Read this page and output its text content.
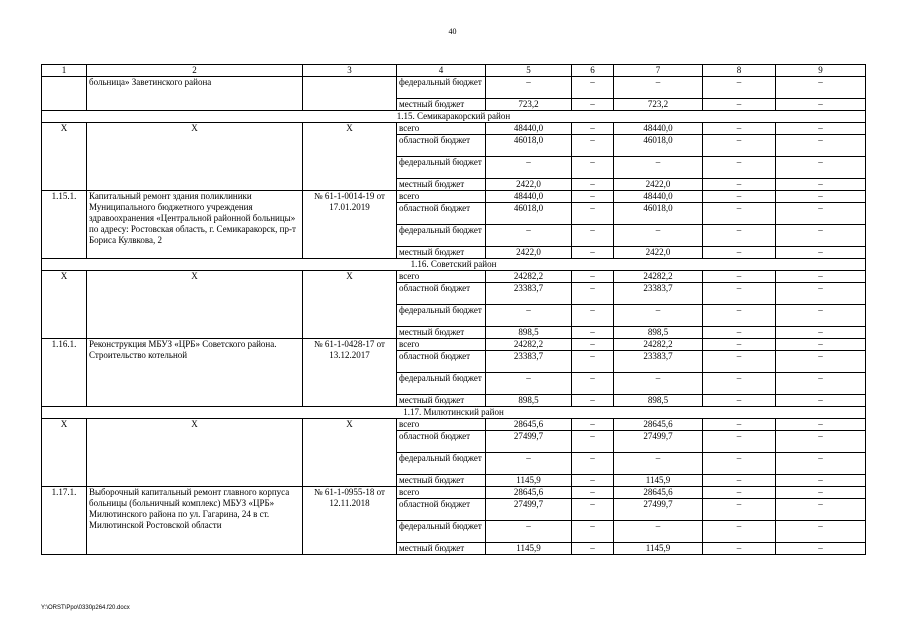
40
1	2	3	4	5	6	7	8	9
	больница» Заветинского района		федеральный бюджет	–	–	–	–	–
			местный бюджет	723,2	–	723,2	–	–
1.15. Семикаракорский район								
Х	Х	Х	всего	48440,0	–	48440,0	–	–
			областной бюджет	46018,0	–	46018,0	–	–
			федеральный бюджет	–	–	–	–	–
			местный бюджет	2422,0	–	2422,0	–	–
1.15.1.	Капитальный ремонт здания поликлиники Муниципального бюджетного учреждения здравоохранения «Центральной районной больницы» по адресу: Ростовская область, г. Семикаракорск, пр-т Бориса Кулвкова, 2	№ 61-1-0014-19 от 17.01.2019	всего	48440,0	–	48440,0	–	–
			областной бюджет	46018,0	–	46018,0	–	–
			федеральный бюджет	–	–	–	–	–
			местный бюджет	2422,0	–	2422,0	–	–
1.16. Советский район								
Х	Х	Х	всего	24282,2	–	24282,2	–	–
			областной бюджет	23383,7	–	23383,7	–	–
			федеральный бюджет	–	–	–	–	–
			местный бюджет	898,5	–	898,5	–	–
1.16.1.	Реконструкция МБУЗ «ЦРБ» Советского района. Строительство котельной	№ 61-1-0428-17 от 13.12.2017	всего	24282,2	–	24282,2	–	–
			областной бюджет	23383,7	–	23383,7	–	–
			федеральный бюджет	–	–	–	–	–
			местный бюджет	898,5	–	898,5	–	–
1.17. Милютинский район								
Х	Х	Х	всего	28645,6	–	28645,6	–	–
			областной бюджет	27499,7	–	27499,7	–	–
			федеральный бюджет	–	–	–	–	–
			местный бюджет	1145,9	–	1145,9	–	–
1.17.1.	Выборочный капитальный ремонт главного корпуса больницы (больничный комплекс) МБУЗ «ЦРБ» Милютинского района по ул. Гагарина, 24 в ст. Милютинской Ростовской области	№ 61-1-0955-18 от 12.11.2018	всего	28645,6	–	28645,6	–	–
			областной бюджет	27499,7	–	27499,7	–	–
			федеральный бюджет	–	–	–	–	–
			местный бюджет	1145,9	–	1145,9	–	–
Y:\ORST\Ppo\0330p264.f20.docx
